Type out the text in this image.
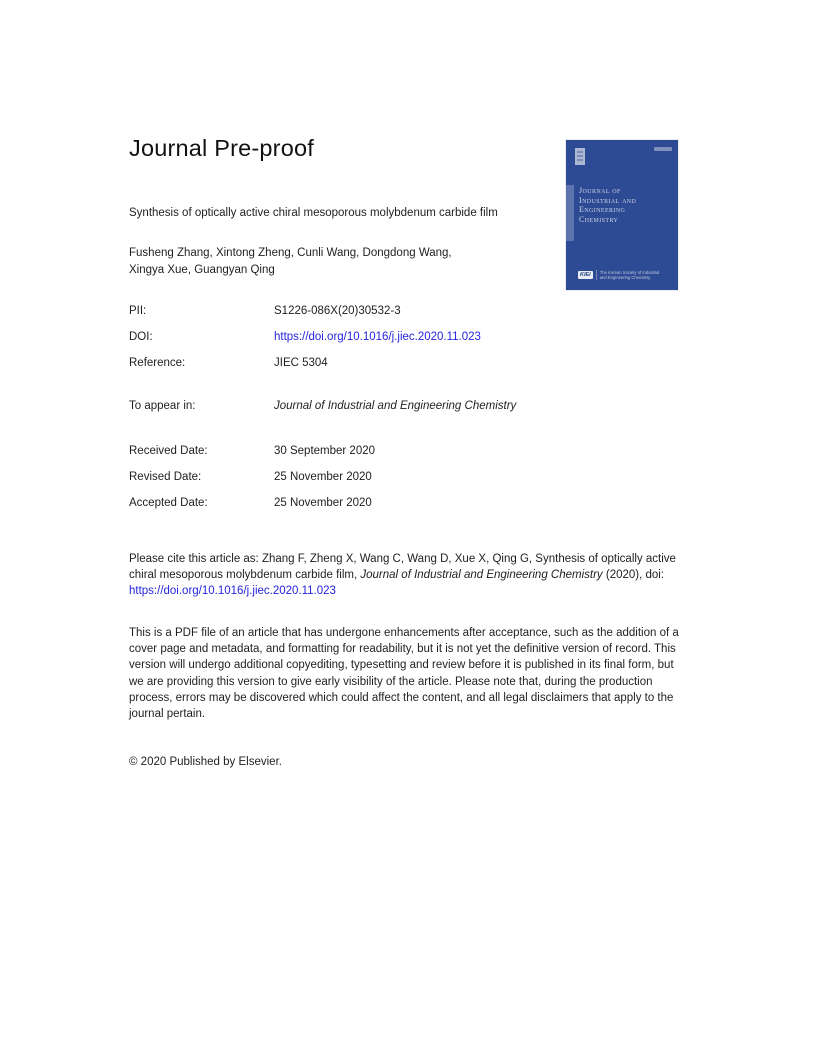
Journal Pre-proof
Journal of
Industrial and
Engineering
Chemistry
KIEi	The Korean Society of Industrial
and Engineering Chemistry
Synthesis of optically active chiral mesoporous molybdenum carbide film
Fusheng Zhang, Xintong Zheng, Cunli Wang, Dongdong Wang,
Xingya Xue, Guangyan Qing
PII:	S1226-086X(20)30532-3
DOI:	https://doi.org/10.1016/j.jiec.2020.11.023
Reference:	JIEC 5304
To appear in:	Journal of Industrial and Engineering Chemistry
Received Date:	30 September 2020
Revised Date:	25 November 2020
Accepted Date:	25 November 2020
Please cite this article as: Zhang F, Zheng X, Wang C, Wang D, Xue X, Qing G, Synthesis of optically active chiral mesoporous molybdenum carbide film, Journal of Industrial and Engineering Chemistry (2020), doi: https://doi.org/10.1016/j.jiec.2020.11.023
This is a PDF file of an article that has undergone enhancements after acceptance, such as the addition of a cover page and metadata, and formatting for readability, but it is not yet the definitive version of record. This version will undergo additional copyediting, typesetting and review before it is published in its final form, but we are providing this version to give early visibility of the article. Please note that, during the production process, errors may be discovered which could affect the content, and all legal disclaimers that apply to the journal pertain.
© 2020 Published by Elsevier.
